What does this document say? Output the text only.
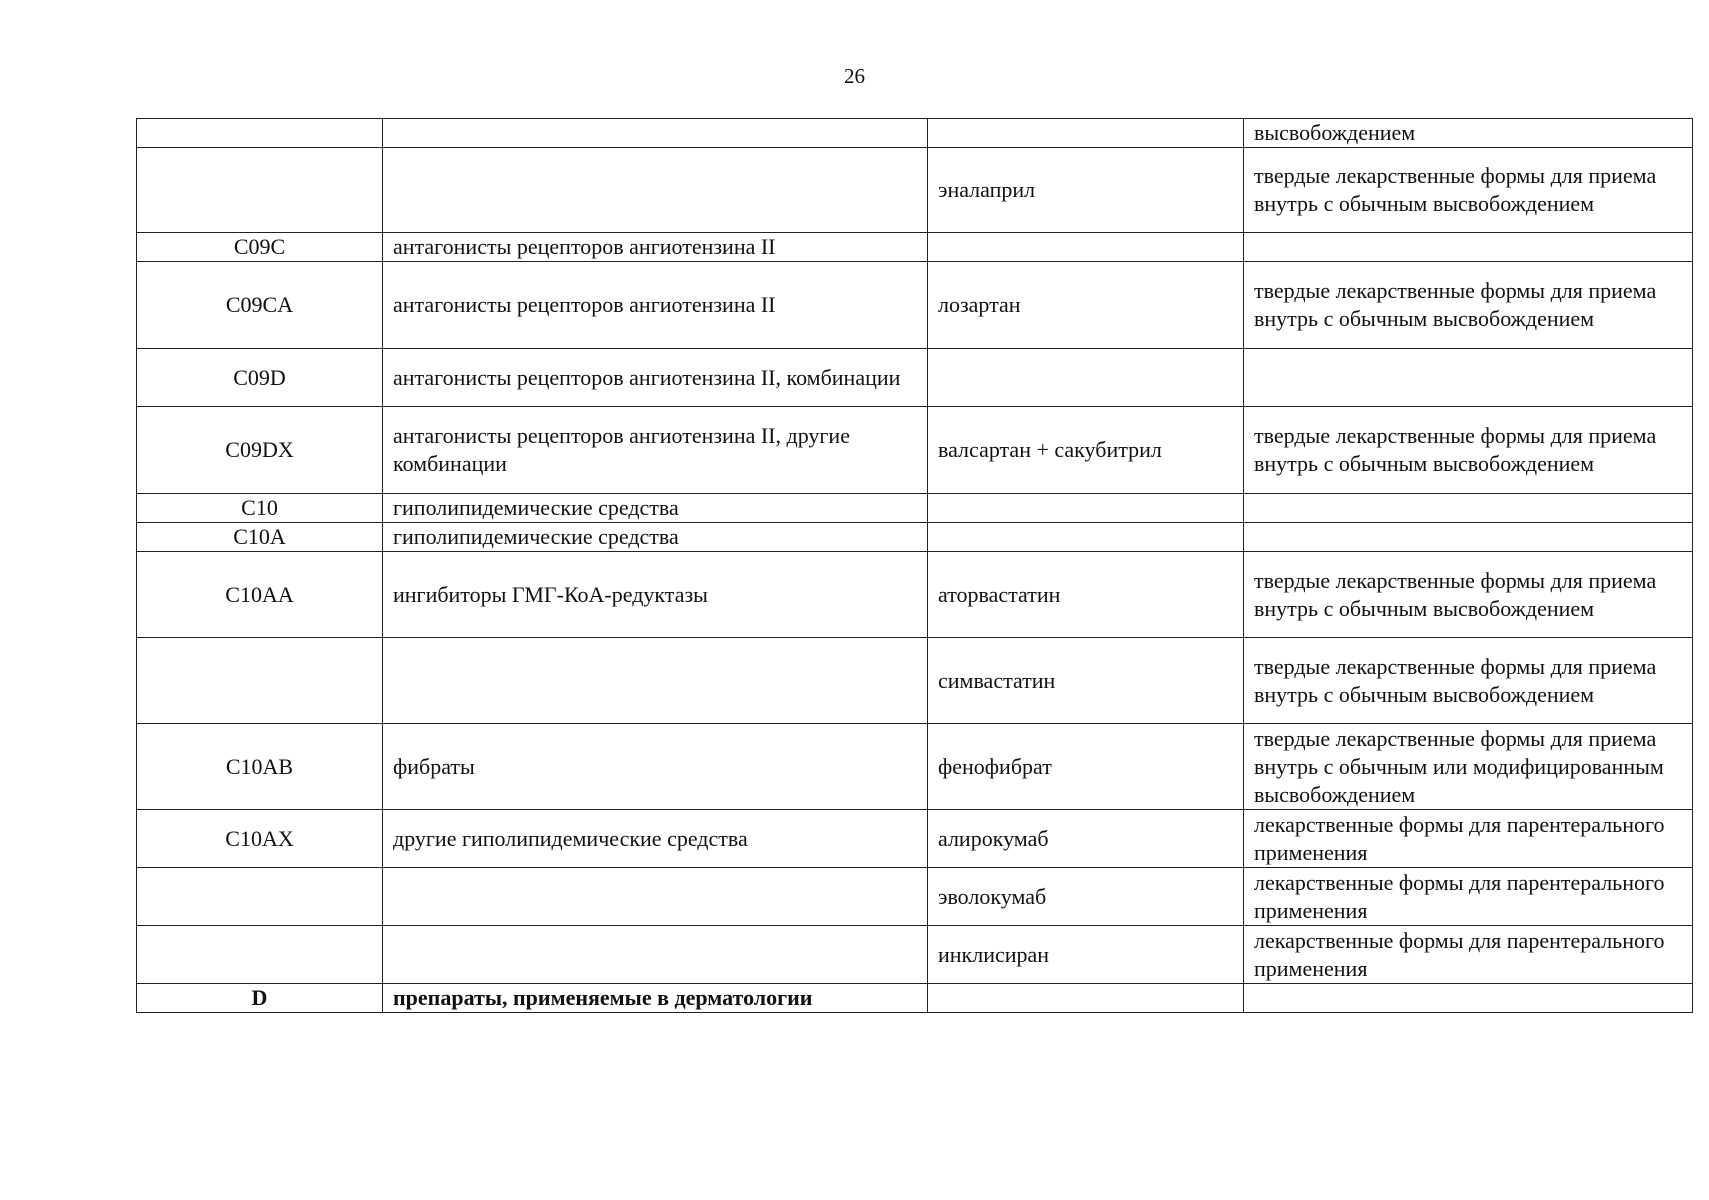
26
			высвобождением
		эналаприл	твердые лекарственные формы для приема внутрь с обычным высвобождением
C09C	антагонисты рецепторов ангиотензина II		
C09CA	антагонисты рецепторов ангиотензина II	лозартан	твердые лекарственные формы для приема внутрь с обычным высвобождением
C09D	антагонисты рецепторов ангиотензина II, комбинации		
C09DX	антагонисты рецепторов ангиотензина II, другие комбинации	валсартан + сакубитрил	твердые лекарственные формы для приема внутрь с обычным высвобождением
C10	гиполипидемические средства		
C10A	гиполипидемические средства		
C10AA	ингибиторы ГМГ-КоА-редуктазы	аторвастатин	твердые лекарственные формы для приема внутрь с обычным высвобождением
		симвастатин	твердые лекарственные формы для приема внутрь с обычным высвобождением
C10AB	фибраты	фенофибрат	твердые лекарственные формы для приема внутрь с обычным или модифицированным высвобождением
C10AX	другие гиполипидемические средства	алирокумаб	лекарственные формы для парентерального применения
		эволокумаб	лекарственные формы для парентерального применения
		инклисиран	лекарственные формы для парентерального применения
D	препараты, применяемые в дерматологии		
